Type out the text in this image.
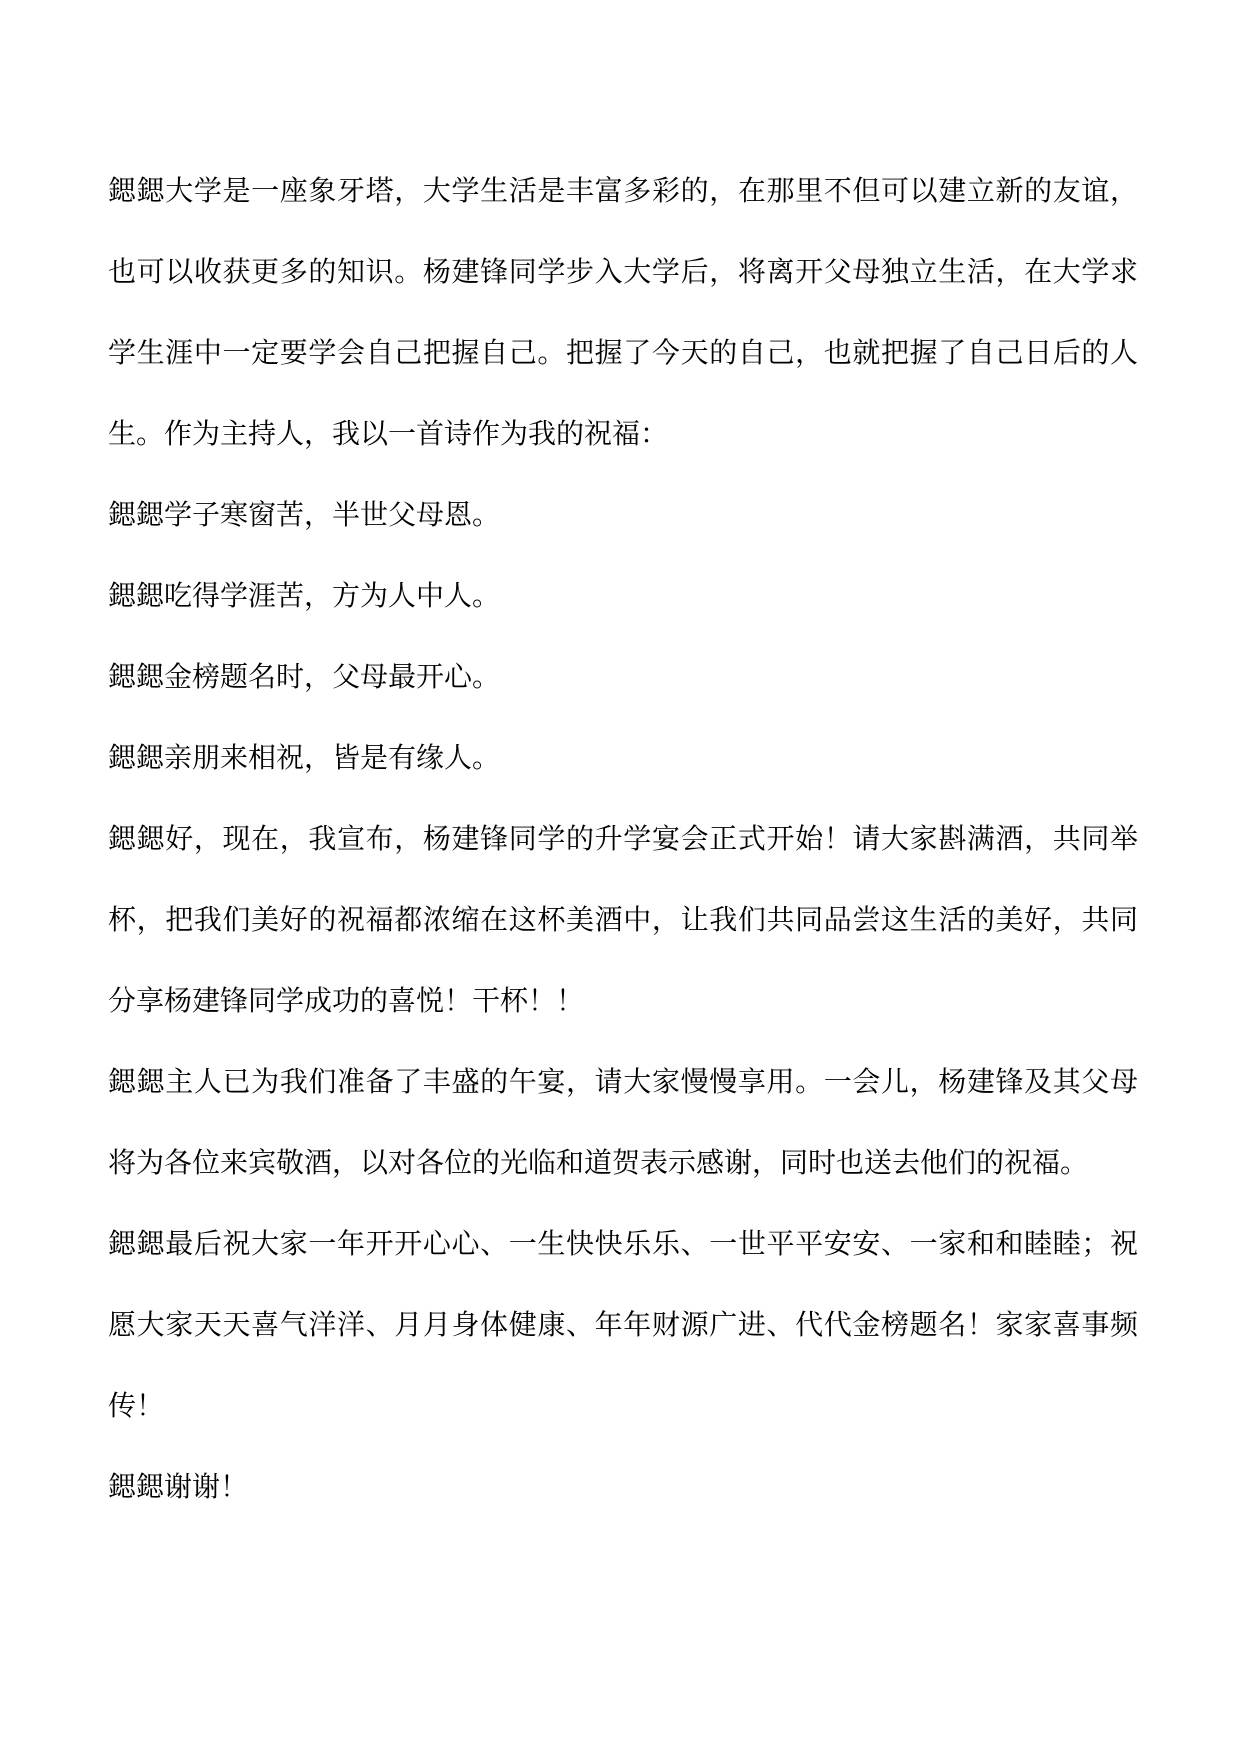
鍶鍶大学是一座象牙塔，大学生活是丰富多彩的，在那里不但可以建立新的友谊，也可以收获更多的知识。杨建锋同学步入大学后，将离开父母独立生活，在大学求学生涯中一定要学会自己把握自己。把握了今天的自己，也就把握了自己日后的人生。作为主持人，我以一首诗作为我的祝福：

鍶鍶学子寒窗苦，半世父母恩。

鍶鍶吃得学涯苦，方为人中人。

鍶鍶金榜题名时，父母最开心。

鍶鍶亲朋来相祝，皆是有缘人。

鍶鍶好，现在，我宣布，杨建锋同学的升学宴会正式开始！请大家斟满酒，共同举杯，把我们美好的祝福都浓缩在这杯美酒中，让我们共同品尝这生活的美好，共同分享杨建锋同学成功的喜悦！干杯！！

鍶鍶主人已为我们准备了丰盛的午宴，请大家慢慢享用。一会儿，杨建锋及其父母将为各位来宾敬酒，以对各位的光临和道贺表示感谢，同时也送去他们的祝福。

鍶鍶最后祝大家一年开开心心、一生快快乐乐、一世平平安安、一家和和睦睦；祝愿大家天天喜气洋洋、月月身体健康、年年财源广进、代代金榜题名！家家喜事频传！

鍶鍶谢谢！
